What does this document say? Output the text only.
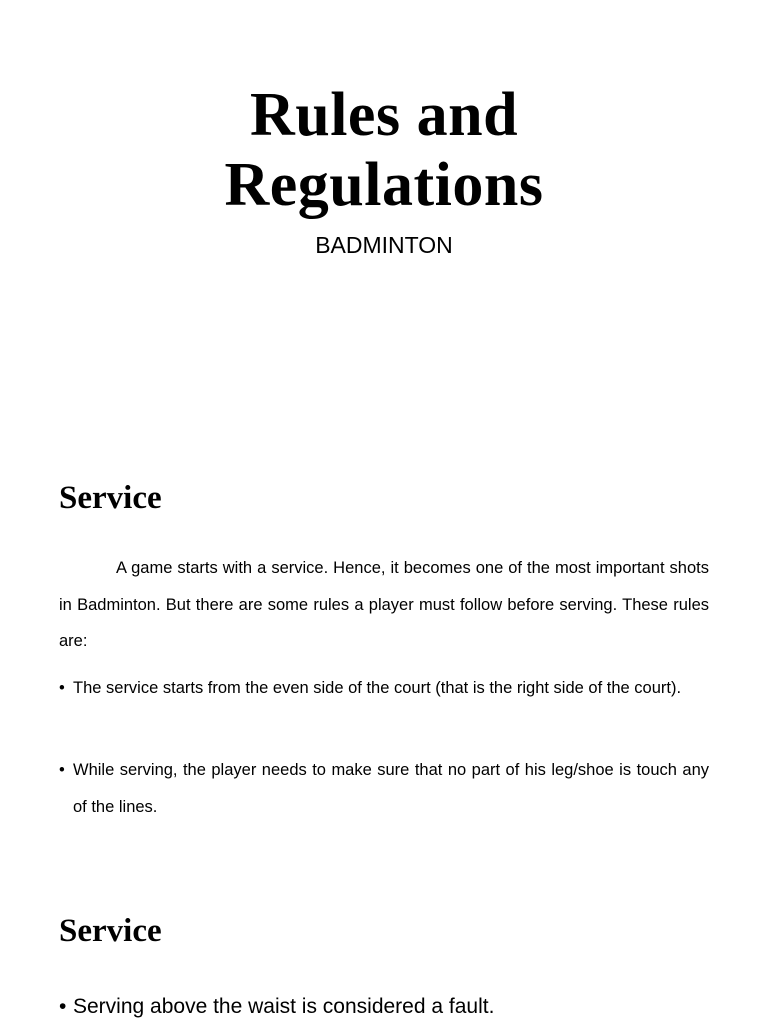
Rules and
Regulations
BADMINTON
Service
A game starts with a service. Hence, it becomes one of the most important shots in Badminton. But there are some rules a player must follow before serving. These rules are:
• The service starts from the even side of the court (that is the right side of the court).
• While serving, the player needs to make sure that no part of his leg/shoe is touch any of the lines.
Service
• Serving above the waist is considered a fault.
